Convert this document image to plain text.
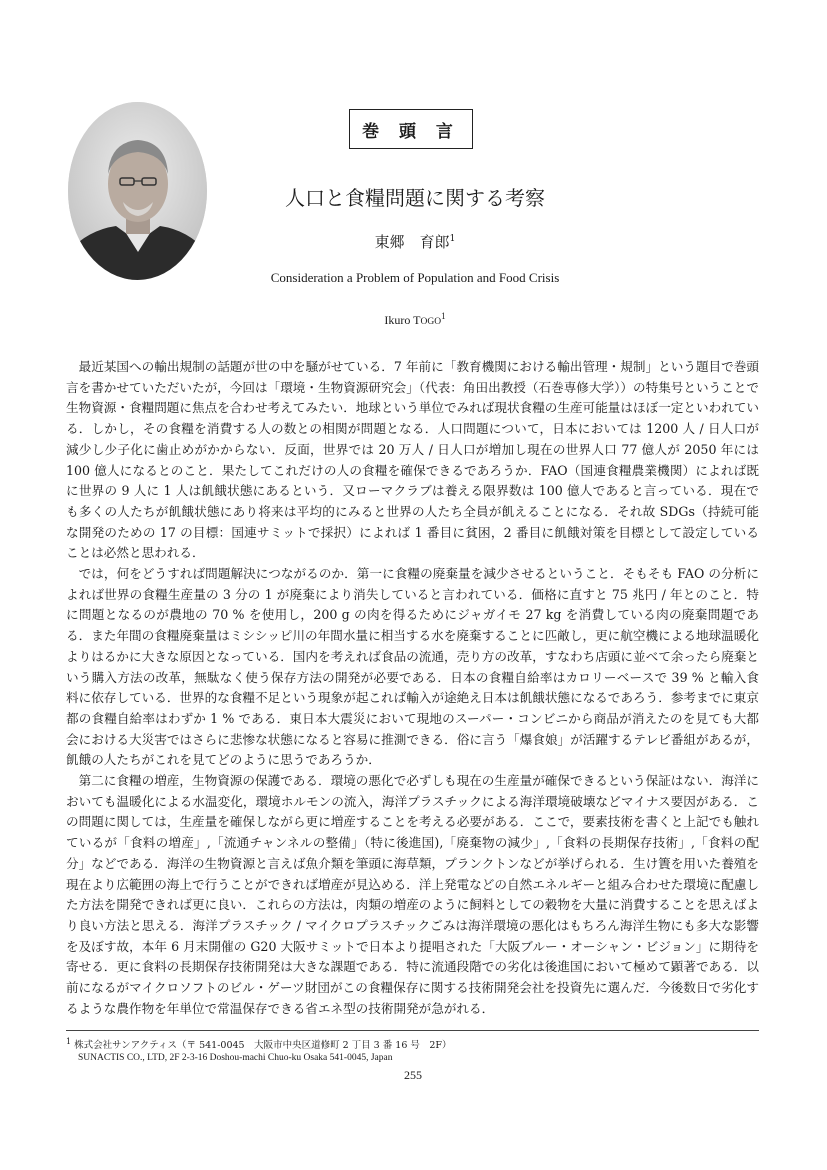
巻 頭 言
人口と食糧問題に関する考察
東郷　育郎$^1$
Consideration a Problem of Population and Food Crisis
Ikuro TOGO$^1$

最近某国への輸出規制の話題が世の中を騒がせている．7 年前に「教育機関における輸出管理・規制」という題目で巻頭言を書かせていただいたが，今回は「環境・生物資源研究会」（代表：角田出教授（石巻専修大学））の特集号ということで生物資源・食糧問題に焦点を合わせ考えてみたい．地球という単位でみれば現状食糧の生産可能量はほぼ一定といわれている．しかし，その食糧を消費する人の数との相関が問題となる．人口問題について，日本においては 1200 人 / 日人口が減少し少子化に歯止めがかからない．反面，世界では 20 万人 / 日人口が増加し現在の世界人口 77 億人が 2050 年には 100 億人になるとのこと．果たしてこれだけの人の食糧を確保できるであろうか．FAO（国連食糧農業機関）によれば既に世界の 9 人に 1 人は飢餓状態にあるという．又ローマクラブは養える限界数は 100 億人であると言っている．現在でも多くの人たちが飢餓状態にあり将来は平均的にみると世界の人たち全員が飢えることになる．それ故 SDGs（持続可能な開発のための 17 の目標：国連サミットで採択）によれば 1 番目に貧困，2 番目に飢餓対策を目標として設定していることは必然と思われる．

では，何をどうすれば問題解決につながるのか．第一に食糧の廃棄量を減少させるということ．そもそも FAO の分析によれば世界の食糧生産量の 3 分の 1 が廃棄により消失していると言われている．価格に直すと 75 兆円 / 年とのこと．特に問題となるのが農地の 70 % を使用し，200 g の肉を得るためにジャガイモ 27 kg を消費している肉の廃棄問題である．また年間の食糧廃棄量はミシシッピ川の年間水量に相当する水を廃棄することに匹敵し，更に航空機による地球温暖化よりはるかに大きな原因となっている．国内を考えれば食品の流通，売り方の改革，すなわち店頭に並べて余ったら廃棄という購入方法の改革，無駄なく使う保存方法の開発が必要である．日本の食糧自給率はカロリーベースで 39 % と輸入食料に依存している．世界的な食糧不足という現象が起これば輸入が途絶え日本は飢餓状態になるであろう．参考までに東京都の食糧自給率はわずか 1 % である．東日本大震災において現地のスーパー・コンビニから商品が消えたのを見ても大都会における大災害ではさらに悲惨な状態になると容易に推測できる．俗に言う「爆食娘」が活躍するテレビ番組があるが，飢餓の人たちがこれを見てどのように思うであろうか．

第二に食糧の増産，生物資源の保護である．環境の悪化で必ずしも現在の生産量が確保できるという保証はない．海洋においても温暖化による水温変化，環境ホルモンの流入，海洋プラスチックによる海洋環境破壊などマイナス要因がある．この問題に関しては，生産量を確保しながら更に増産することを考える必要がある．ここで，要素技術を書くと上記でも触れているが「食料の増産」,「流通チャンネルの整備」（特に後進国),「廃棄物の減少」,「食料の長期保存技術」,「食料の配分」などである．海洋の生物資源と言えば魚介類を筆頭に海草類，プランクトンなどが挙げられる．生け簀を用いた養殖を現在より広範囲の海上で行うことができれば増産が見込める．洋上発電などの自然エネルギーと組み合わせた環境に配慮した方法を開発できれば更に良い．これらの方法は，肉類の増産のように飼料としての穀物を大量に消費することを思えばより良い方法と思える．海洋プラスチック / マイクロプラスチックごみは海洋環境の悪化はもちろん海洋生物にも多大な影響を及ぼす故，本年 6 月末開催の G20 大阪サミットで日本より提唱された「大阪ブルー・オーシャン・ビジョン」に期待を寄せる．更に食料の長期保存技術開発は大きな課題である．特に流通段階での劣化は後進国において極めて顕著である．以前になるがマイクロソフトのビル・ゲーツ財団がこの食糧保存に関する技術開発会社を投資先に選んだ．今後数日で劣化するような農作物を年単位で常温保存できる省エネ型の技術開発が急がれる．

$^1$ 株式会社サンアクティス（〒 541-0045　大阪市中央区道修町 2 丁目 3 番 16 号　2F）
SUNACTIS CO., LTD, 2F 2-3-16 Doshou-machi Chuo-ku Osaka 541-0045, Japan
255
